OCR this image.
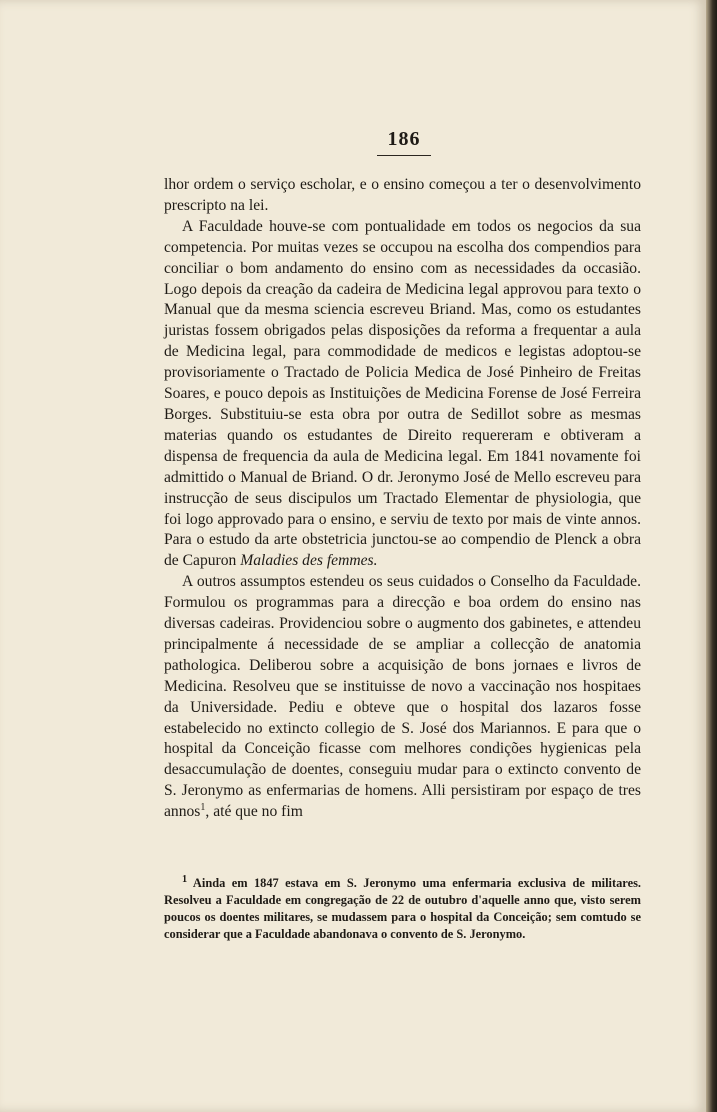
186

lhor ordem o serviço escholar, e o ensino começou a ter o desenvolvimento prescripto na lei.

A Faculdade houve-se com pontualidade em todos os negocios da sua competencia. Por muitas vezes se occupou na escolha dos compendios para conciliar o bom andamento do ensino com as necessidades da occasião. Logo depois da creação da cadeira de Medicina legal approvou para texto o Manual que da mesma sciencia escreveu Briand. Mas, como os estudantes juristas fossem obrigados pelas disposições da reforma a frequentar a aula de Medicina legal, para commodidade de medicos e legistas adoptou-se provisoriamente o Tractado de Policia Medica de José Pinheiro de Freitas Soares, e pouco depois as Instituições de Medicina Forense de José Ferreira Borges. Substituiu-se esta obra por outra de Sedillot sobre as mesmas materias quando os estudantes de Direito requereram e obtiveram a dispensa de frequencia da aula de Medicina legal. Em 1841 novamente foi admittido o Manual de Briand. O dr. Jeronymo José de Mello escreveu para instrucção de seus discipulos um Tractado Elementar de physiologia, que foi logo approvado para o ensino, e serviu de texto por mais de vinte annos. Para o estudo da arte obstetricia junctou-se ao compendio de Plenck a obra de Capuron Maladies des femmes.

A outros assumptos estendeu os seus cuidados o Conselho da Faculdade. Formulou os programmas para a direcção e boa ordem do ensino nas diversas cadeiras. Providenciou sobre o augmento dos gabinetes, e attendeu principalmente á necessidade de se ampliar a collecção de anatomia pathologica. Deliberou sobre a acquisição de bons jornaes e livros de Medicina. Resolveu que se instituisse de novo a vaccinação nos hospitaes da Universidade. Pediu e obteve que o hospital dos lazaros fosse estabelecido no extincto collegio de S. José dos Mariannos. E para que o hospital da Conceição ficasse com melhores condições hygienicas pela desaccumulação de doentes, conseguiu mudar para o extincto convento de S. Jeronymo as enfermarias de homens. Alli persistiram por espaço de tres annos$^1$, até que no fim

$^1$ Ainda em 1847 estava em S. Jeronymo uma enfermaria exclusiva de militares. Resolveu a Faculdade em congregação de 22 de outubro d'aquelle anno que, visto serem poucos os doentes militares, se mudassem para o hospital da Conceição; sem comtudo se considerar que a Faculdade abandonava o convento de S. Jeronymo.
